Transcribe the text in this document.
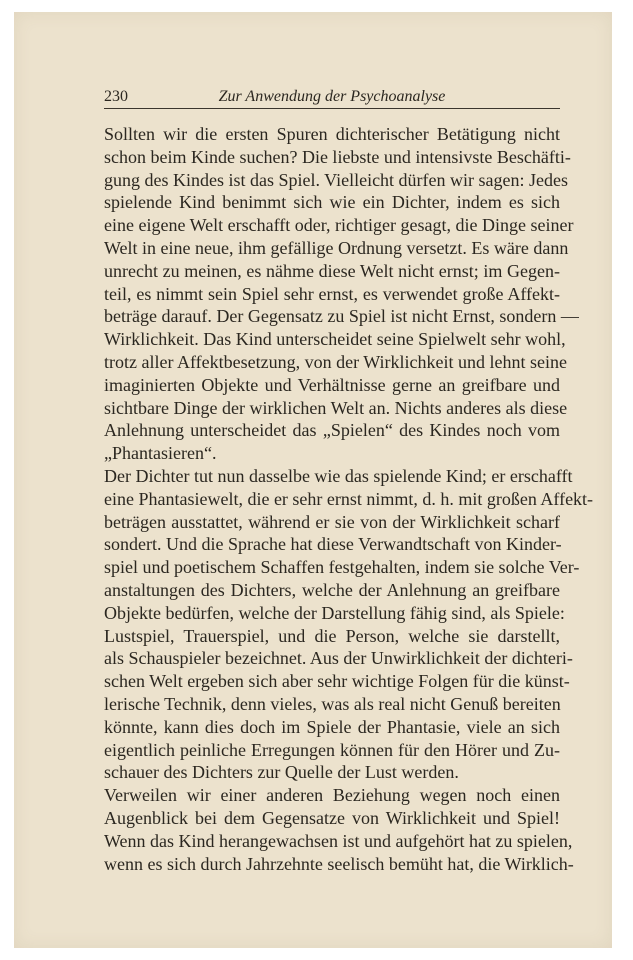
230	Zur Anwendung der Psychoanalyse

Sollten wir die ersten Spuren dichterischer Betätigung nicht
schon beim Kinde suchen? Die liebste und intensivste Beschäfti-
gung des Kindes ist das Spiel. Vielleicht dürfen wir sagen: Jedes
spielende Kind benimmt sich wie ein Dichter, indem es sich
eine eigene Welt erschafft oder, richtiger gesagt, die Dinge seiner
Welt in eine neue, ihm gefällige Ordnung versetzt. Es wäre dann
unrecht zu meinen, es nähme diese Welt nicht ernst; im Gegen-
teil, es nimmt sein Spiel sehr ernst, es verwendet große Affekt-
beträge darauf. Der Gegensatz zu Spiel ist nicht Ernst, sondern —
Wirklichkeit. Das Kind unterscheidet seine Spielwelt sehr wohl,
trotz aller Affektbesetzung, von der Wirklichkeit und lehnt seine
imaginierten Objekte und Verhältnisse gerne an greifbare und
sichtbare Dinge der wirklichen Welt an. Nichts anderes als diese
Anlehnung unterscheidet das „Spielen“ des Kindes noch vom
„Phantasieren“.

Der Dichter tut nun dasselbe wie das spielende Kind; er erschafft
eine Phantasiewelt, die er sehr ernst nimmt, d. h. mit großen Affekt-
beträgen ausstattet, während er sie von der Wirklichkeit scharf
sondert. Und die Sprache hat diese Verwandtschaft von Kinder-
spiel und poetischem Schaffen festgehalten, indem sie solche Ver-
anstaltungen des Dichters, welche der Anlehnung an greifbare
Objekte bedürfen, welche der Darstellung fähig sind, als Spiele:
Lustspiel, Trauerspiel, und die Person, welche sie darstellt,
als Schauspieler bezeichnet. Aus der Unwirklichkeit der dichteri-
schen Welt ergeben sich aber sehr wichtige Folgen für die künst-
lerische Technik, denn vieles, was als real nicht Genuß bereiten
könnte, kann dies doch im Spiele der Phantasie, viele an sich
eigentlich peinliche Erregungen können für den Hörer und Zu-
schauer des Dichters zur Quelle der Lust werden.

Verweilen wir einer anderen Beziehung wegen noch einen
Augenblick bei dem Gegensatze von Wirklichkeit und Spiel!
Wenn das Kind herangewachsen ist und aufgehört hat zu spielen,
wenn es sich durch Jahrzehnte seelisch bemüht hat, die Wirklich-
